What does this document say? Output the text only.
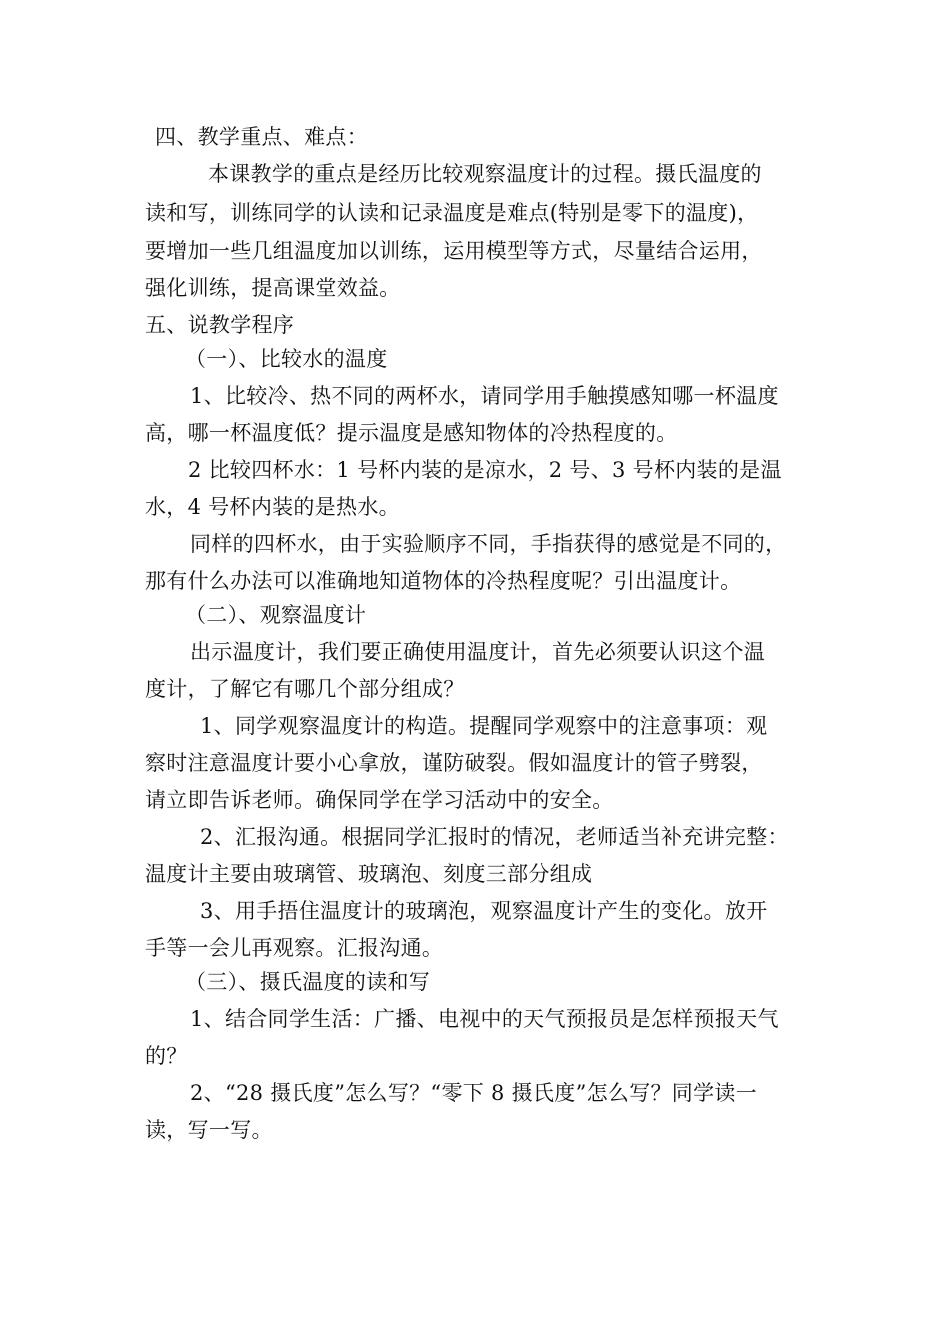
四、教学重点、难点：
本课教学的重点是经历比较观察温度计的过程。摄氏温度的
读和写，训练同学的认读和记录温度是难点(特别是零下的温度)，
要增加一些几组温度加以训练，运用模型等方式，尽量结合运用，
强化训练，提高课堂效益。
五、说教学程序
（一）、比较水的温度
1、比较冷、热不同的两杯水，请同学用手触摸感知哪一杯温度
高，哪一杯温度低？提示温度是感知物体的冷热程度的。
2 比较四杯水：1 号杯内装的是凉水，2 号、3 号杯内装的是温
水，4 号杯内装的是热水。
同样的四杯水，由于实验顺序不同，手指获得的感觉是不同的，
那有什么办法可以准确地知道物体的冷热程度呢？引出温度计。
（二）、观察温度计
出示温度计，我们要正确使用温度计，首先必须要认识这个温
度计，了解它有哪几个部分组成？
1、同学观察温度计的构造。提醒同学观察中的注意事项：观
察时注意温度计要小心拿放，谨防破裂。假如温度计的管子劈裂，
请立即告诉老师。确保同学在学习活动中的安全。
2、汇报沟通。根据同学汇报时的情况，老师适当补充讲完整：
温度计主要由玻璃管、玻璃泡、刻度三部分组成
3、用手捂住温度计的玻璃泡，观察温度计产生的变化。放开
手等一会儿再观察。汇报沟通。
（三）、摄氏温度的读和写
1、结合同学生活：广播、电视中的天气预报员是怎样预报天气
的？
2、“28 摄氏度”怎么写？“零下 8 摄氏度”怎么写？同学读一
读，写一写。
